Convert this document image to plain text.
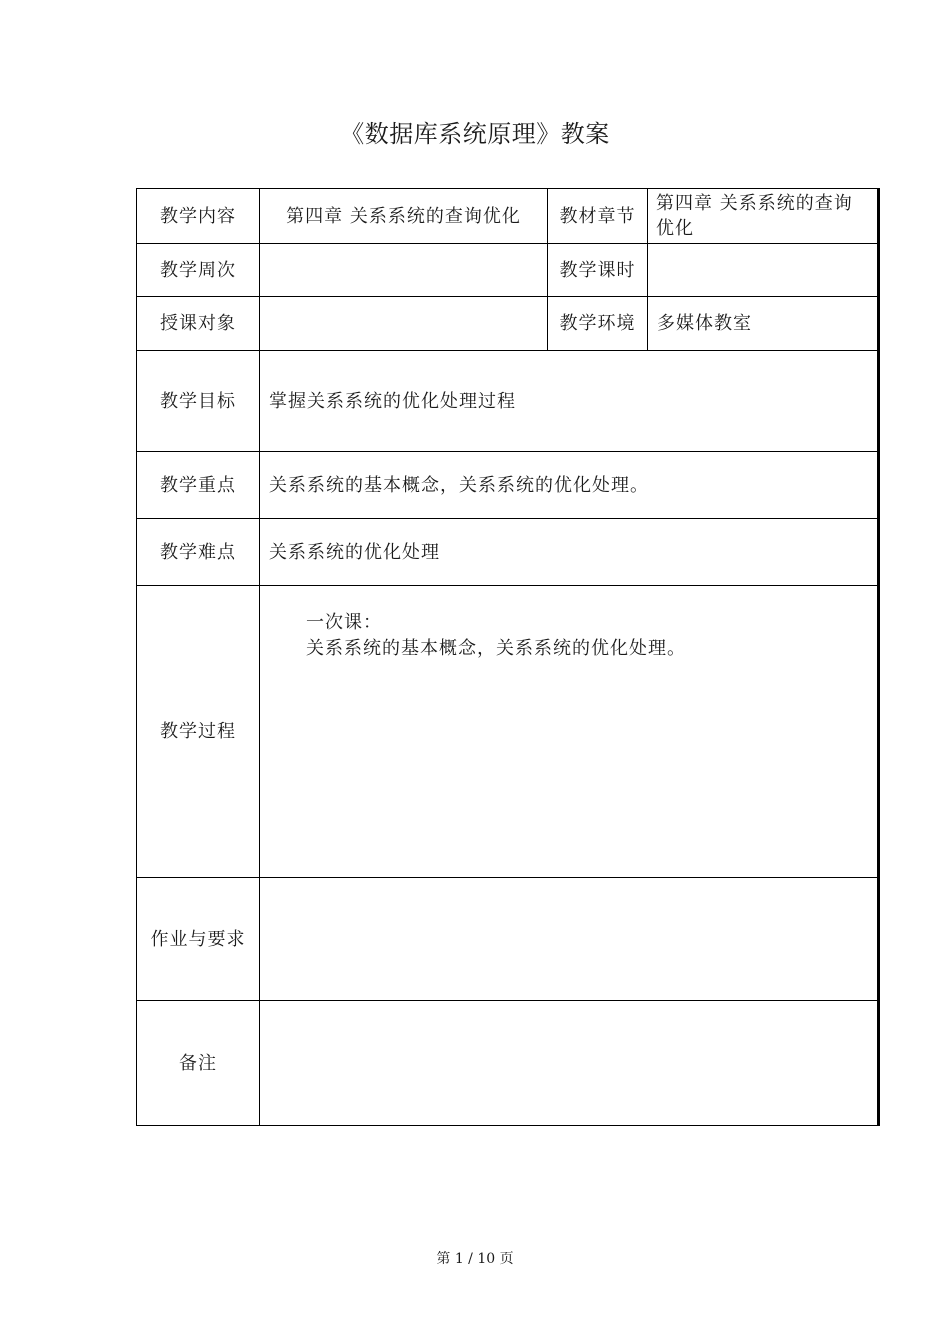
《数据库系统原理》教案
教学内容	第四章 关系系统的查询优化	教材章节	第四章 关系系统的查询优化
教学周次		教学课时	
授课对象		教学环境	多媒体教室
教学目标	掌握关系系统的优化处理过程		
教学重点	关系系统的基本概念，关系系统的优化处理。		
教学难点	关系系统的优化处理		
教学过程	一次课：
关系系统的基本概念，关系系统的优化处理。		

作业与要求			
备注			
第 1 / 10 页
